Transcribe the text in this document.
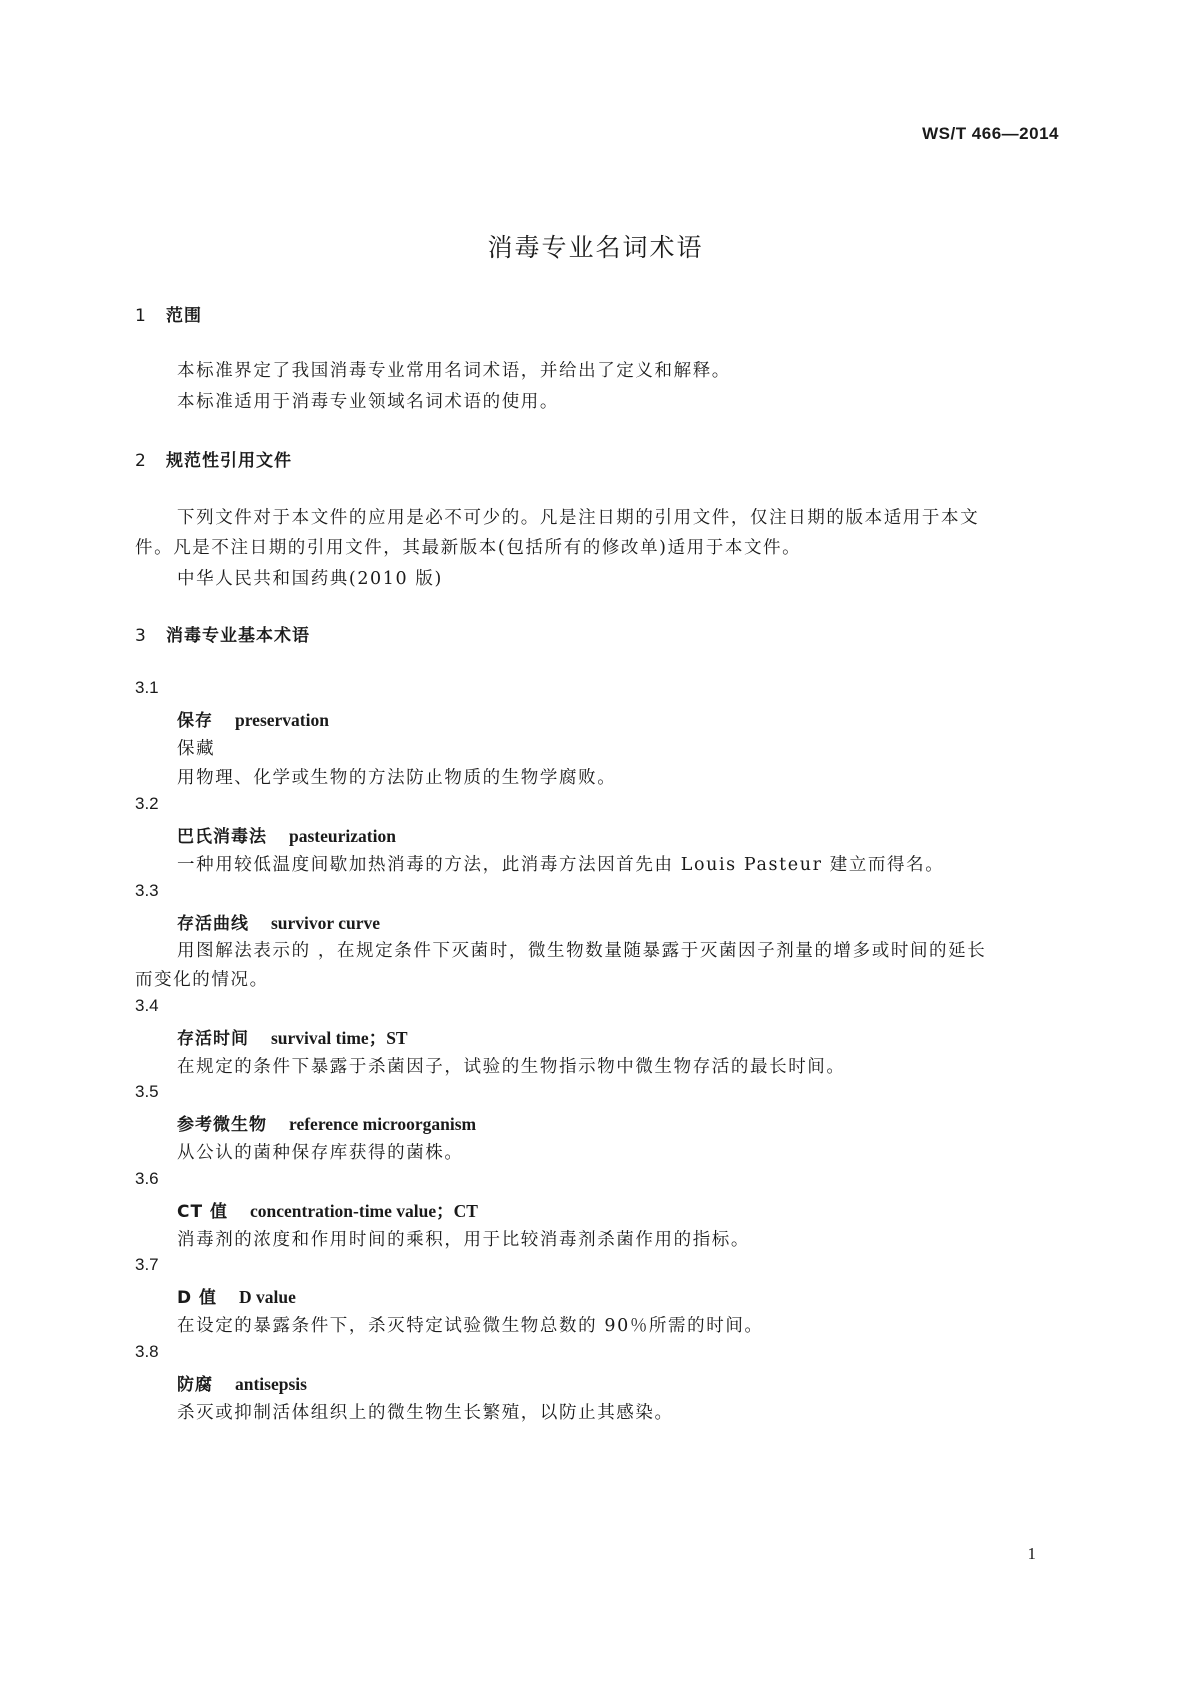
WS/T 466—2014
消毒专业名词术语
1 范围
本标准界定了我国消毒专业常用名词术语，并给出了定义和解释。
本标准适用于消毒专业领域名词术语的使用。
2 规范性引用文件
下列文件对于本文件的应用是必不可少的。凡是注日期的引用文件，仅注日期的版本适用于本文
件。凡是不注日期的引用文件，其最新版本(包括所有的修改单)适用于本文件。
中华人民共和国药典(2010 版)
3 消毒专业基本术语
3.1
保存 preservation
保藏
用物理、化学或生物的方法防止物质的生物学腐败。
3.2
巴氏消毒法 pasteurization
一种用较低温度间歇加热消毒的方法，此消毒方法因首先由 Louis Pasteur 建立而得名。
3.3
存活曲线 survivor curve
用图解法表示的 ，在规定条件下灭菌时，微生物数量随暴露于灭菌因子剂量的增多或时间的延长
而变化的情况。
3.4
存活时间 survival time；ST
在规定的条件下暴露于杀菌因子，试验的生物指示物中微生物存活的最长时间。
3.5
参考微生物 reference microorganism
从公认的菌种保存库获得的菌株。
3.6
CT 值 concentration-time value；CT
消毒剂的浓度和作用时间的乘积，用于比较消毒剂杀菌作用的指标。
3.7
D 值 D value
在设定的暴露条件下，杀灭特定试验微生物总数的 90％所需的时间。
3.8
防腐 antisepsis
杀灭或抑制活体组织上的微生物生长繁殖，以防止其感染。
1
